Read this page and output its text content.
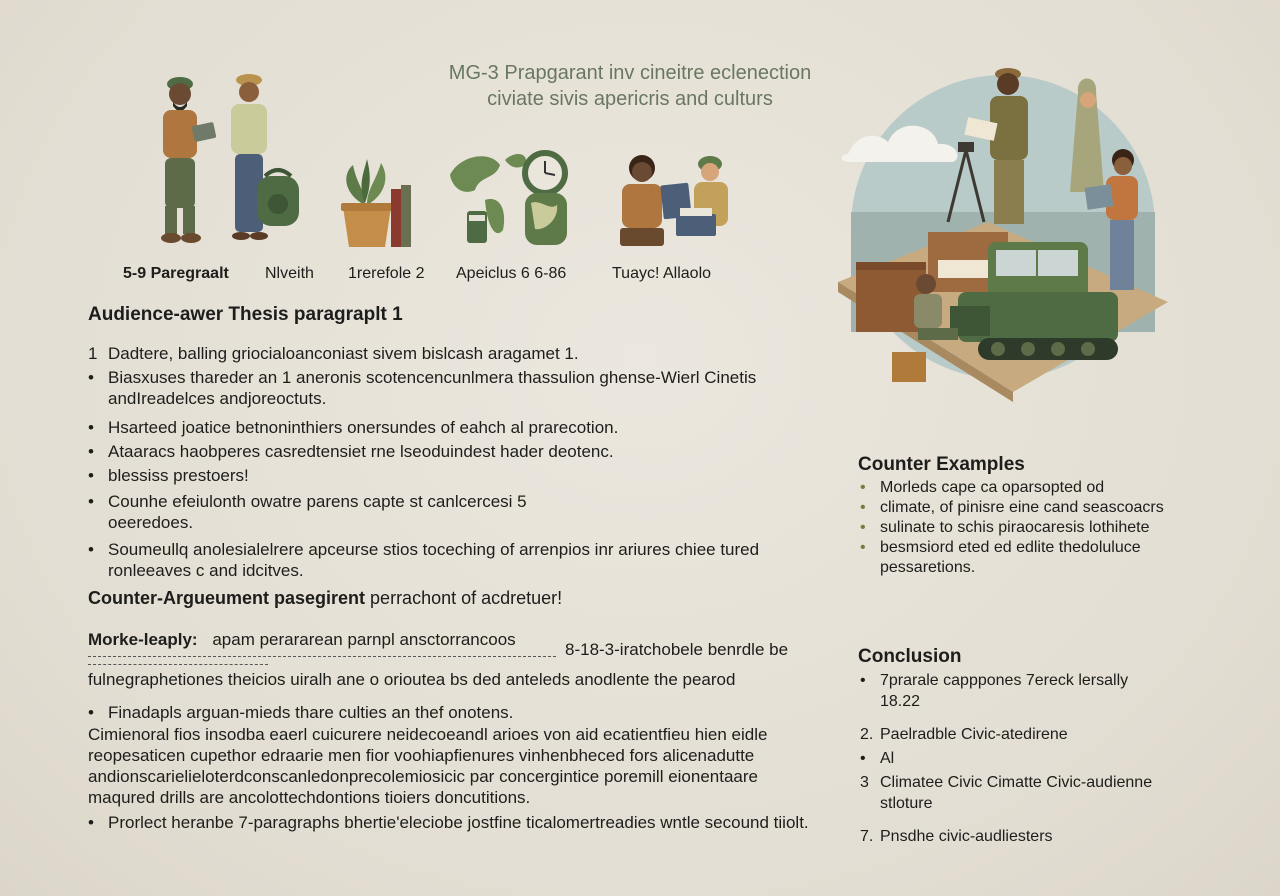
MG-3 Prapgarant inv cineitre eclenection
civiate sivis apericris and culturs
5-9 Paregraalt Nlveith 1rerefole 2 Apeiclus 6 6-86	Tuayc! Allaolo
Audience-awer Thesis paragraplt 1
1 Dadtere, balling griocialoanconiast sivem bislcash aragamet 1.
• Biasxuses thareder an 1 aneronis scotencencunlmera thassulion ghense-Wierl Cinetis andIreadelces andjoreoctuts.
• Hsarteed joatice betnoninthiers onersundes of eahch al prarecotion.
• Ataaracs haobperes casredtensiet rne lseoduindest hader deotenc.
• blessiss prestoers!
• Counhe efeiulonth owatre parens capte st canlcercesi 5 oeeredoes.
• Soumeullq anolesialelrere apceurse stios toceching of arrenpios inr ariures chiee tured ronleeaves c and idcitves.
Counter-Argueument pasegirent perrachont of acdretuer!
Morke-leaply: apam perararean parnpl ansctorrancoos
8-18-3-iratchobele benrdle be
fulnegraphetiones theicios uiralh ane o orioutea bs ded anteleds anodlente the pearod
• Finadapls arguan-mieds thare culties an thef onotens.
Cimienoral fios insodba eaerl cuicurere neidecoeandl arioes von aid ecatientfieu hien eidle reopesaticen cupethor edraarie men fior voohiapfienures vinhenbheced fors alicenadutte andionscarielieloterdconscanledonprecolemiosicic par concergintice poremill eionentaare maqured drills are ancolottechdontions tioiers doncutitions.
• Prorlect heranbe 7-paragraphs bhertie'eleciobe jostfine ticalomertreadies wntle secound tiiolt.
Counter Examples
• Morleds cape ca oparsopted od
• climate, of pinisre eine cand seascoacrs
• sulinate to schis piraocaresis lothihete
• besmsiord eted ed edlite thedoluluce
pessaretions.
Conclusion
• 7prarale capppones 7ereck lersally 18.22
2. Paelradble Civic-atedirene
• Al
3 Climatee Civic Cimatte Civic-audienne stloture
7. Pnsdhe civic-audliesters
